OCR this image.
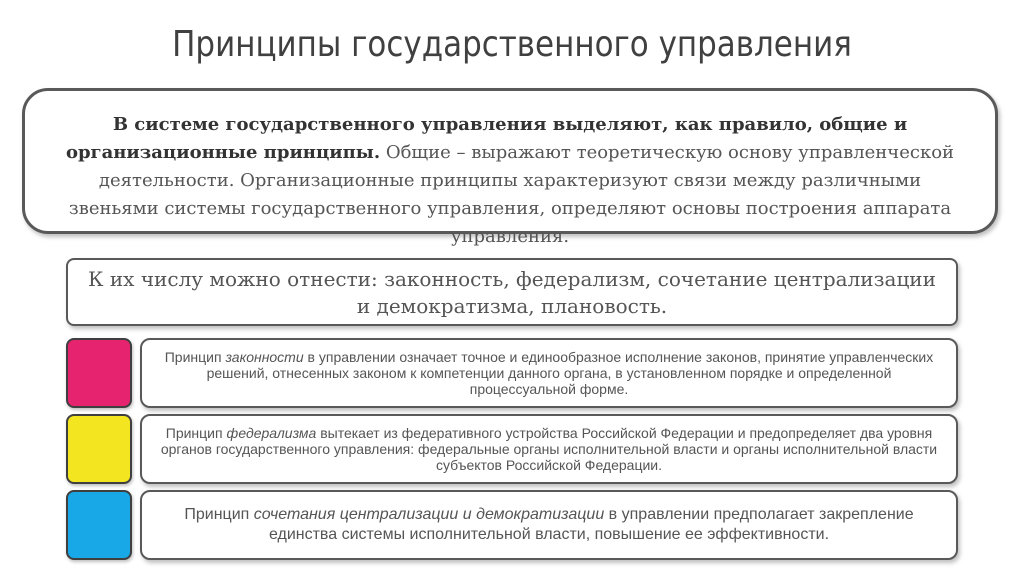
Принципы государственного управления
В системе государственного управления выделяют, как правило, общие и организационные принципы. Общие – выражают теоретическую основу управленческой деятельности. Организационные принципы характеризуют связи между различными звеньями системы государственного управления, определяют основы построения аппарата управления.
К их числу можно отнести: законность, федерализм, сочетание централизации и демократизма, плановость.
Принцип законности в управлении означает точное и единообразное исполнение законов, принятие управленческих решений, отнесенных законом к компетенции данного органа, в установленном порядке и определенной процессуальной форме.
Принцип федерализма вытекает из федеративного устройства Российской Федерации и предопределяет два уровня органов государственного управления: федеральные органы исполнительной власти и органы исполнительной власти субъектов Российской Федерации.
Принцип сочетания централизации и демократизации в управлении предполагает закрепление единства системы исполнительной власти, повышение ее эффективности.
